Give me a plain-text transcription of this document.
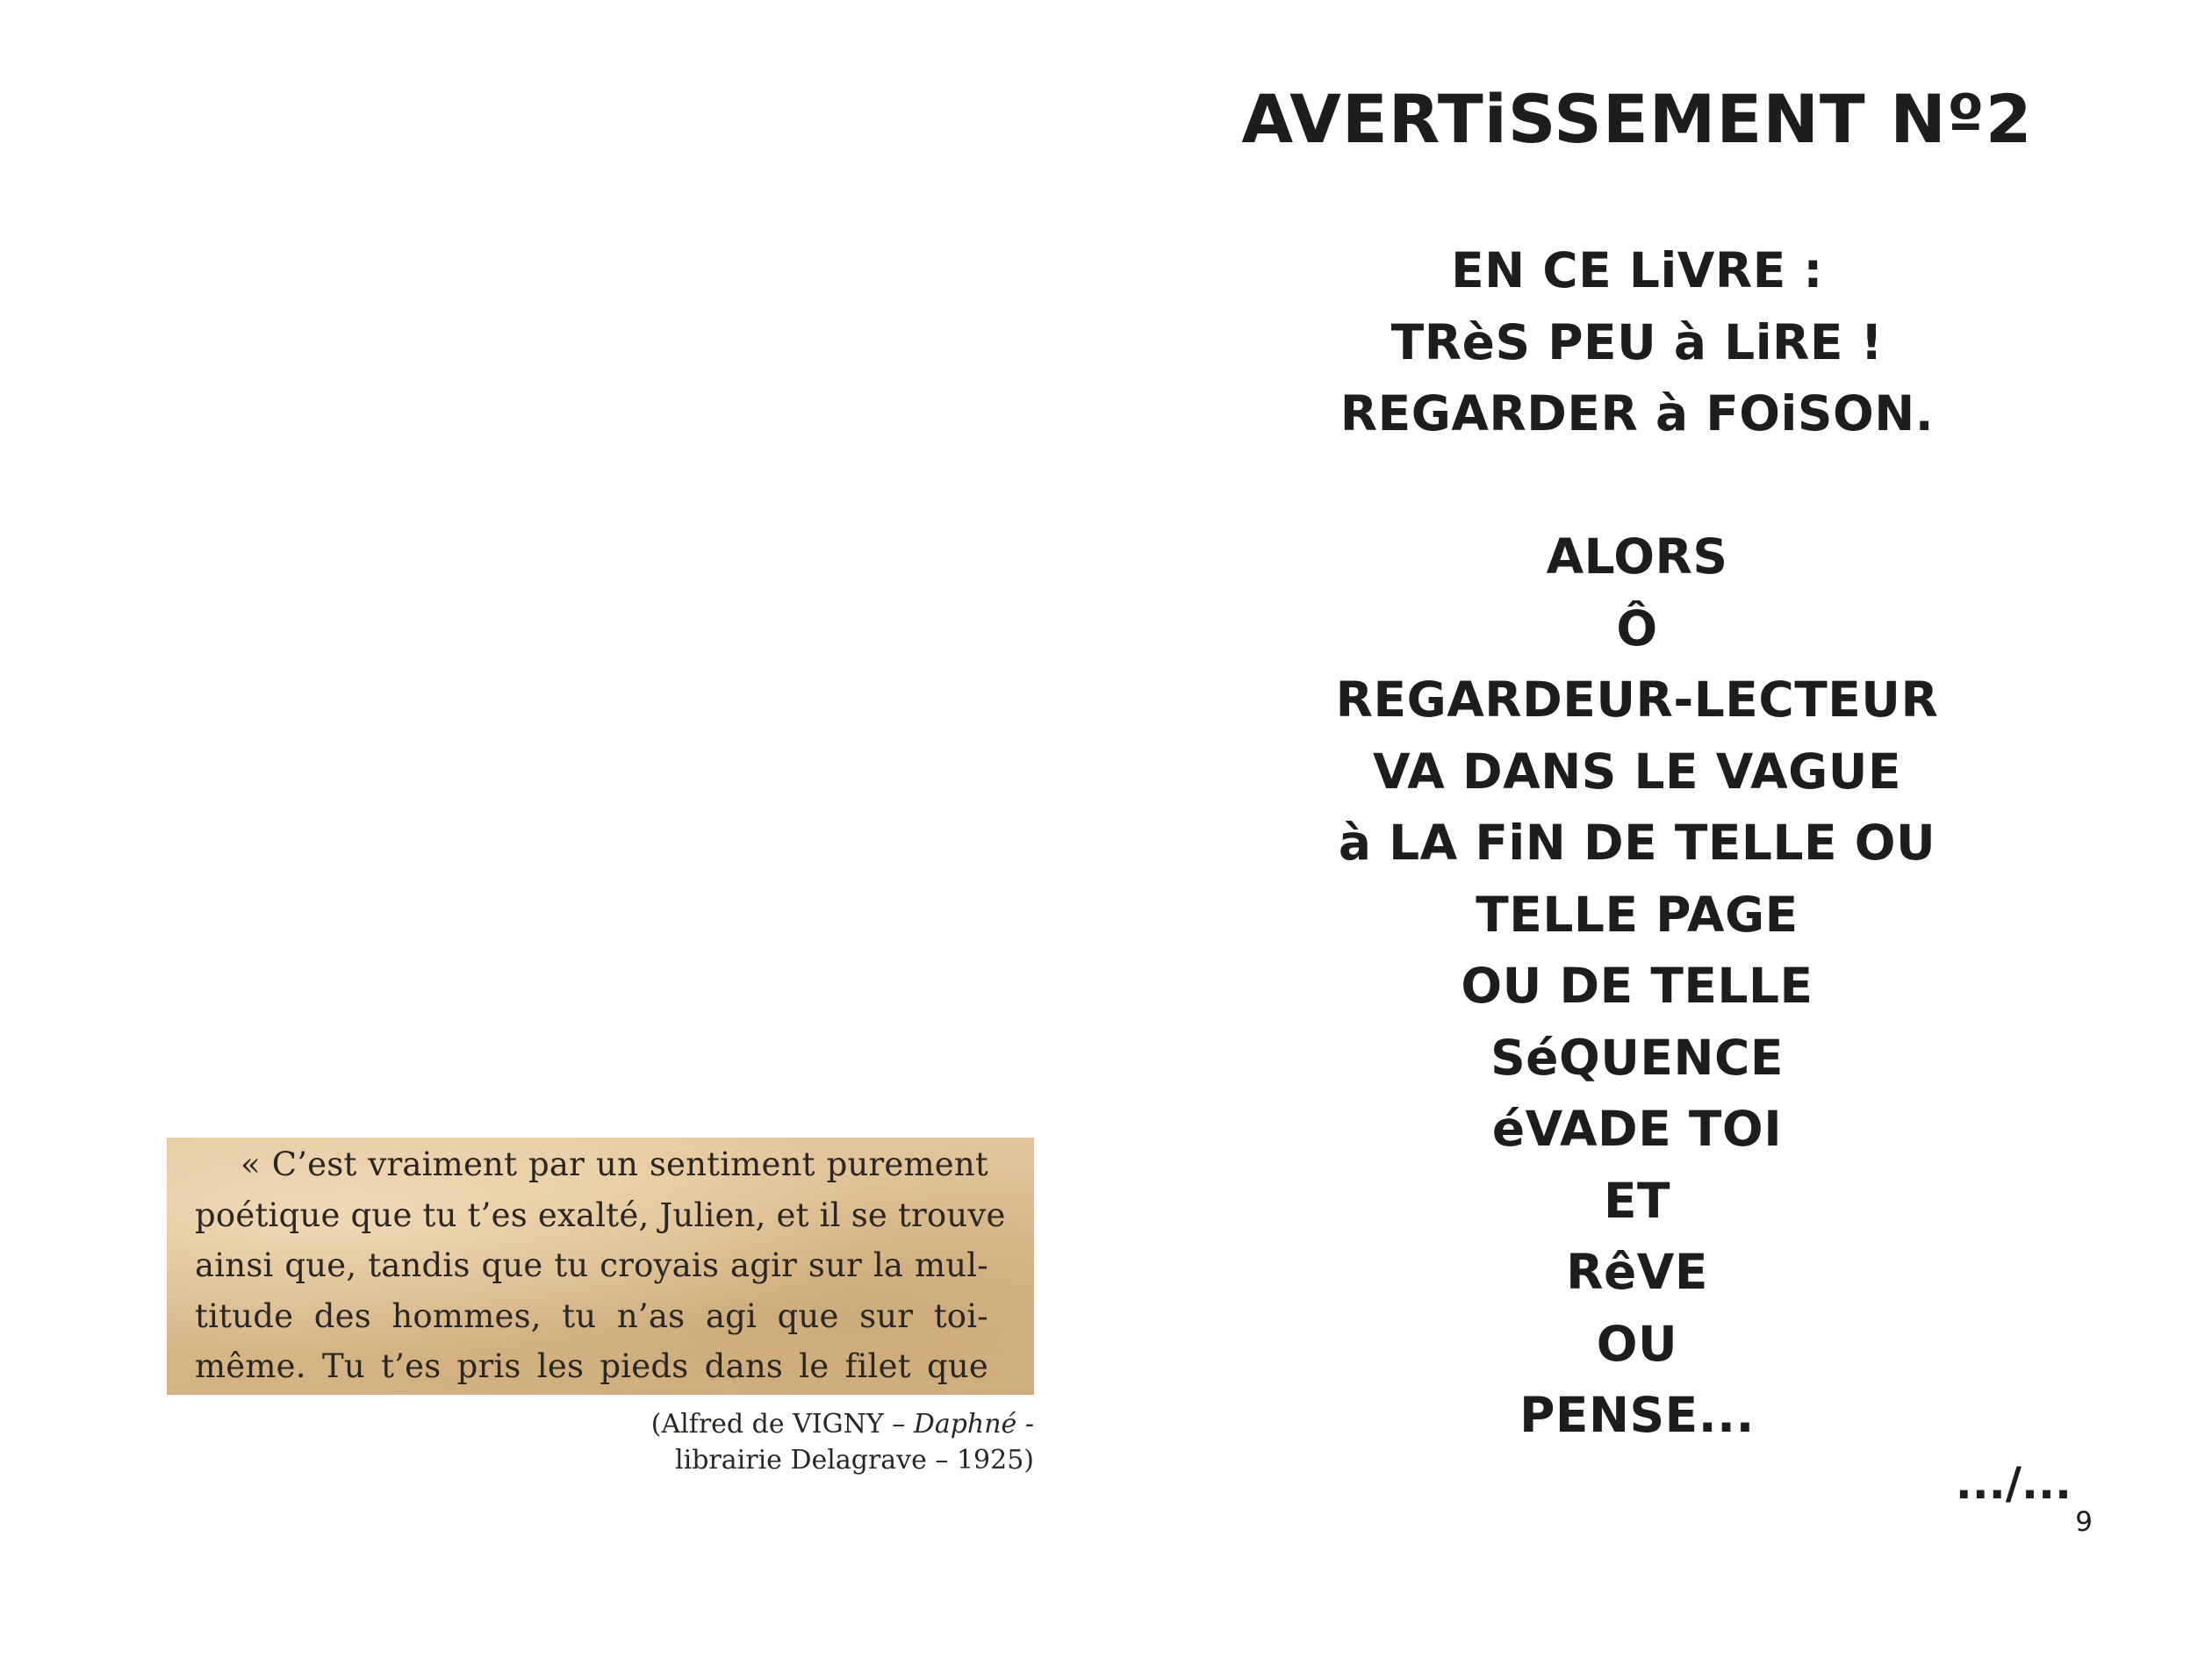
« C’est vraiment par un sentiment purement
poétique que tu t’es exalté, Julien, et il se trouve
ainsi que, tandis que tu croyais agir sur la mul-
titude des hommes, tu n’as agi que sur toi-
même. Tu t’es pris les pieds dans le filet que
(Alfred de VIGNY – Daphné -
librairie Delagrave – 1925)
AVERTiSSEMENT Nº2
EN CE LiVRE :
TRèS PEU à LiRE !
REGARDER à FOiSON.
ALORS
Ô
REGARDEUR-LECTEUR
VA DANS LE VAGUE
à LA FiN DE TELLE OU
TELLE PAGE
OU DE TELLE
SéQUENCE
éVADE TOI
ET
RêVE
OU
PENSE...
.../...
9
